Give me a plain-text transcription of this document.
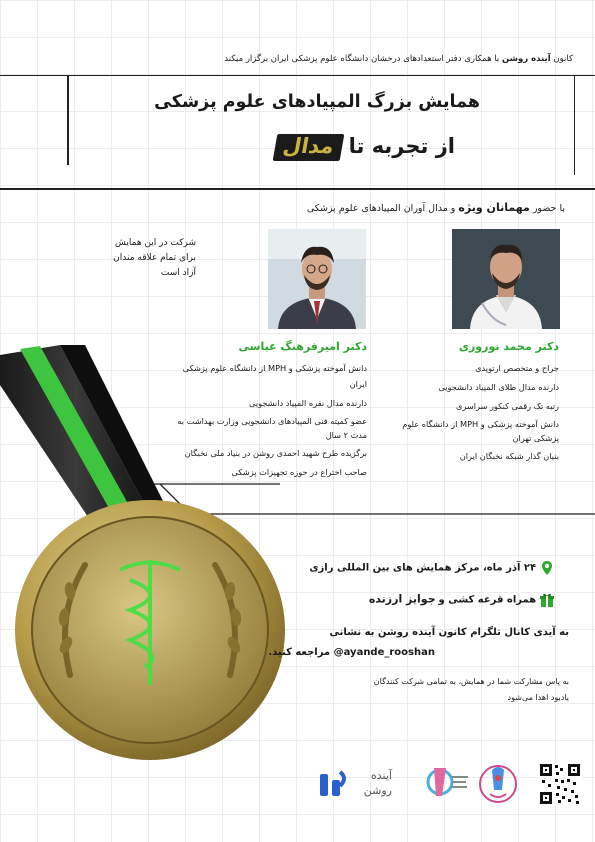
کانون آینده روشن با همکاری دفتر استعدادهای درخشان دانشگاه علوم پزشکی ایران برگزار میکند
همایش بزرگ المپیادهای علوم پزشکی
از تجربه تا مدال
با حضور مهمانان ویژه و مدال آوران المپیادهای علوم پزشکی
شرکت در این همایش
برای تمام علاقه مندان
آزاد است
دکتر محمد نوروزی
جراح و متخصص ارتوپدی
دارنده مدال طلای المپیاد دانشجویی
رتبه تک رقمی کنکور سراسری
دانش آموخته پزشکی و MPH از دانشگاه علوم پزشکی تهران
بنیان گذار شبکه نخبگان ایران
دکتر امیرفرهنگ عباسی
دانش آموخته پزشکی و MPH از دانشگاه علوم پزشکی ایران
دارنده مدال نقره المپیاد دانشجویی
عضو کمیته فنی المپیادهای دانشجویی وزارت بهداشت به مدت ۲ سال
برگزیده طرح شهید احمدی روشن در بنیاد ملی نخبگان
صاحب اختراع در حوزه تجهیزات پزشکی
۲۴ آذر ماه، مرکز همایش های بین المللی رازی
همراه قرعه کشی و جوایز ارزنده
به آیدی کانال تلگرام کانون آینده روشن به نشانی
@ayande_rooshan مراجعه کنید.
به پاس مشارکت شما در همایش، به تمامی شرکت کنندگان
یادبود اهدا می‌شود
آینده
روشن
